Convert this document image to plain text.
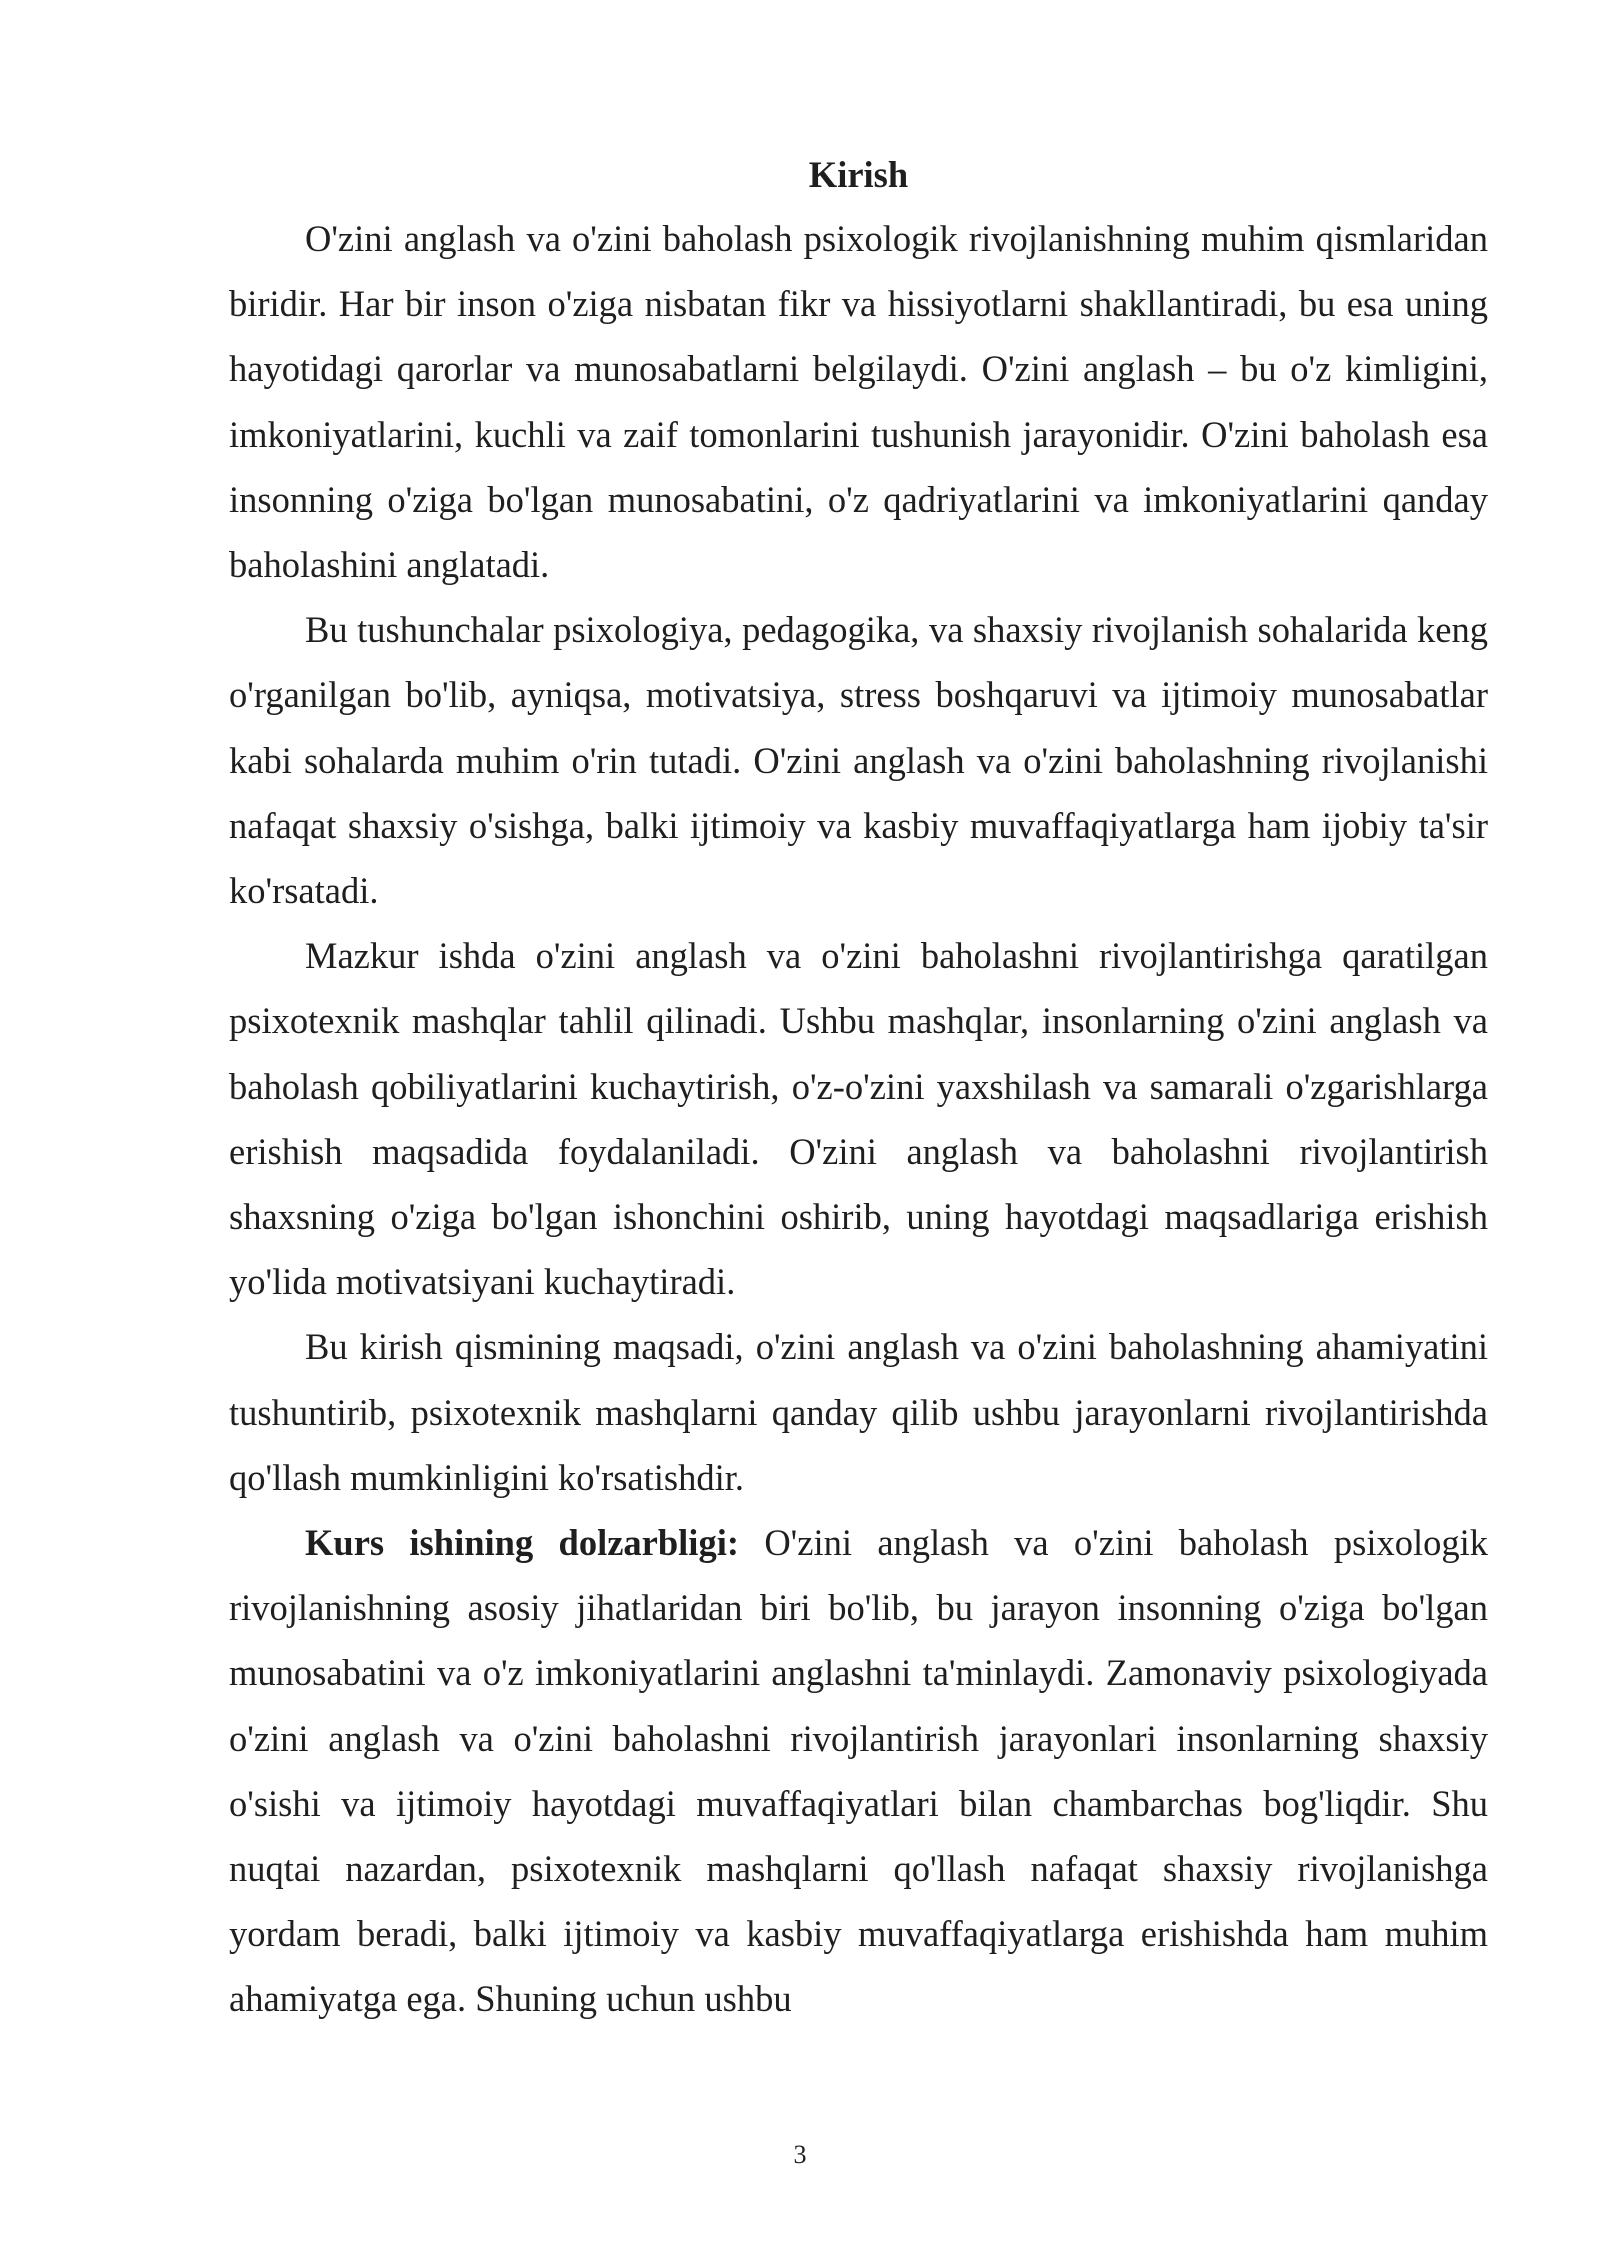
Kirish

O'zini anglash va o'zini baholash psixologik rivojlanishning muhim qismlaridan biridir. Har bir inson o'ziga nisbatan fikr va hissiyotlarni shakllantiradi, bu esa uning hayotidagi qarorlar va munosabatlarni belgilaydi. O'zini anglash – bu o'z kimligini, imkoniyatlarini, kuchli va zaif tomonlarini tushunish jarayonidir. O'zini baholash esa insonning o'ziga bo'lgan munosabatini, o'z qadriyatlarini va imkoniyatlarini qanday baholashini anglatadi.

Bu tushunchalar psixologiya, pedagogika, va shaxsiy rivojlanish sohalarida keng o'rganilgan bo'lib, ayniqsa, motivatsiya, stress boshqaruvi va ijtimoiy munosabatlar kabi sohalarda muhim o'rin tutadi. O'zini anglash va o'zini baholashning rivojlanishi nafaqat shaxsiy o'sishga, balki ijtimoiy va kasbiy muvaffaqiyatlarga ham ijobiy ta'sir ko'rsatadi.

Mazkur ishda o'zini anglash va o'zini baholashni rivojlantirishga qaratilgan psixotexnik mashqlar tahlil qilinadi. Ushbu mashqlar, insonlarning o'zini anglash va baholash qobiliyatlarini kuchaytirish, o'z-o'zini yaxshilash va samarali o'zgarishlarga erishish maqsadida foydalaniladi. O'zini anglash va baholashni rivojlantirish shaxsning o'ziga bo'lgan ishonchini oshirib, uning hayotdagi maqsadlariga erishish yo'lida motivatsiyani kuchaytiradi.

Bu kirish qismining maqsadi, o'zini anglash va o'zini baholashning ahamiyatini tushuntirib, psixotexnik mashqlarni qanday qilib ushbu jarayonlarni rivojlantirishda qo'llash mumkinligini ko'rsatishdir.

Kurs ishining dolzarbligi: O'zini anglash va o'zini baholash psixologik rivojlanishning asosiy jihatlaridan biri bo'lib, bu jarayon insonning o'ziga bo'lgan munosabatini va o'z imkoniyatlarini anglashni ta'minlaydi. Zamonaviy psixologiyada o'zini anglash va o'zini baholashni rivojlantirish jarayonlari insonlarning shaxsiy o'sishi va ijtimoiy hayotdagi muvaffaqiyatlari bilan chambarchas bog'liqdir. Shu nuqtai nazardan, psixotexnik mashqlarni qo'llash nafaqat shaxsiy rivojlanishga yordam beradi, balki ijtimoiy va kasbiy muvaffaqiyatlarga erishishda ham muhim ahamiyatga ega. Shuning uchun ushbu

3
